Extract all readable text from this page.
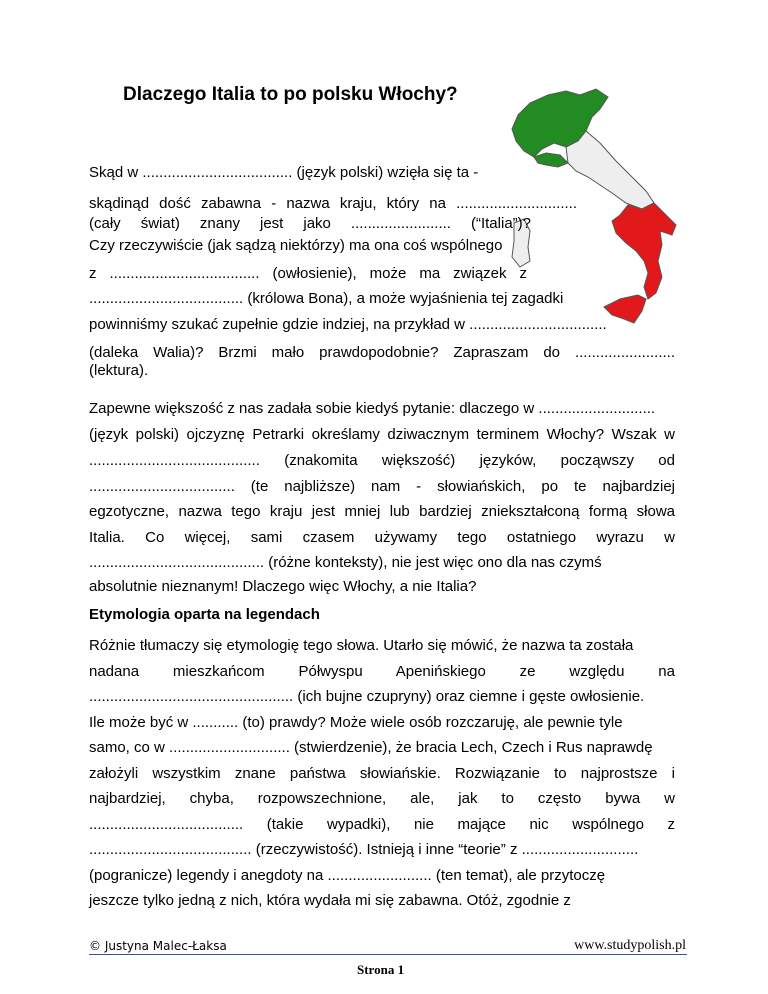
Dlaczego Italia to po polsku Włochy?
Skąd w .................................... (język polski) wzięła się ta -
skądinąd dość zabawna - nazwa kraju, który na .............................
(cały świat) znany jest jako ........................ (“Italia”)?
Czy rzeczywiście (jak sądzą niektórzy) ma ona coś wspólnego
z .................................... (owłosienie), może ma związek z
..................................... (królowa Bona), a może wyjaśnienia tej zagadki
powinniśmy szukać zupełnie gdzie indziej, na przykład w .................................
(daleka Walia)? Brzmi mało prawdopodobnie? Zapraszam do ........................
(lektura).
Zapewne większość z nas zadała sobie kiedyś pytanie: dlaczego w ............................
(język polski) ojczyznę Petrarki określamy dziwacznym terminem Włochy? Wszak w
......................................... (znakomita większość) języków, począwszy od
................................... (te najbliższe) nam - słowiańskich, po te najbardziej
egzotyczne, nazwa tego kraju jest mniej lub bardziej zniekształconą formą słowa
Italia. Co więcej, sami czasem używamy tego ostatniego wyrazu w
.......................................... (różne konteksty), nie jest więc ono dla nas czymś
absolutnie nieznanym! Dlaczego więc Włochy, a nie Italia?
Etymologia oparta na legendach
Różnie tłumaczy się etymologię tego słowa. Utarło się mówić, że nazwa ta została
nadana mieszkańcom Półwyspu Apenińskiego ze względu na
................................................. (ich bujne czupryny) oraz ciemne i gęste owłosienie.
Ile może być w ........... (to) prawdy? Może wiele osób rozczaruję, ale pewnie tyle
samo, co w ............................. (stwierdzenie), że bracia Lech, Czech i Rus naprawdę
założyli wszystkim znane państwa słowiańskie. Rozwiązanie to najprostsze i
najbardziej, chyba, rozpowszechnione, ale, jak to często bywa w
..................................... (takie wypadki), nie mające nic wspólnego z
....................................... (rzeczywistość). Istnieją i inne “teorie” z ............................
(pogranicze) legendy i anegdoty na ......................... (ten temat), ale przytoczę
jeszcze tylko jedną z nich, która wydała mi się zabawna. Otóż, zgodnie z
© Justyna Malec-Łaksa	www.studypolish.pl
Strona 1
